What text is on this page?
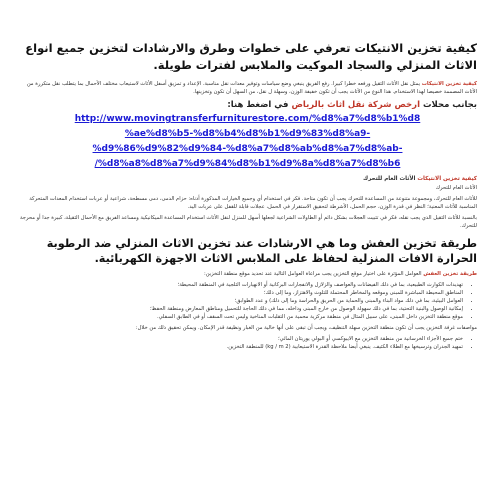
كيفية تخزين الانتيكات تعرفي على خطوات وطرق والارشادات لتخزين جميع انواع الاثاث المنزلي والسجاد الموكيت والملابس لفترات طويلة.
كيفية تخزين الانتيكات يمثل نقل الأثاث الثقيل ورفعه خطرا كبيرا. رفع الفريق ينبغي وضع سياسات وتوفير معدات نقل مناسبة. الإعداد و تمزيق أسفل الأثاث لاستيعاب مختلف الأحمال بما يتطلب نقل متكررة من الأثاث المصممة خصيصا لهذا الاستخدام. هذا النوع من الأثاث يجب أن تكون خفيفة الوزن، وسهلة ل نقل، من السهل أن تكون وتخزينها.
بجانب محلات ارخص شركة نقل اثاث بالرياض في اضغط هنا:
http://www.movingtransferfurniturestore.com/%d8%a7%d8%b1%d8
%ae%d8%b5-%d8%b4%d8%b1%d9%83%d8%a9-
%d9%86%d9%82%d9%84-%d8%a7%d8%ab%d8%a7%d8%ab-
/%d8%a8%d8%a7%d9%84%d8%b1%d9%8a%d8%a7%d8%b6
كيفية تخزين الانتيكات الأثاث العام للتحرك
الأثاث العام للتحرك
للأثاث العام للتحرك، ومجموعة متنوعة من المساعدة للتحرك يجب أن تكون متاحة. فكر في استخدام أي وجميع الخيارات المذكورة أدناه: حزام الدمى، دمى مسطحة، شراعية أو عربات استخدام المعدات المتحركة المناسبة للأثاث المعنية؛ النظر في قدرة الوزن، حجم الحمل، الأشرطة لتحقيق الاستقرار في الحمل، عجلات قابلة للقفل على عربات اليد.
بالنسبة للأثاث الثقيل الذي يجب نقله، فكر في تثبيت العجلات بشكل دائم أو الطاولات الشراعية لجعلها أسهل للمنزل لنقل الأثاث استخدام المساعدة الميكانيكية ومساعد الفريق مع الأحمال الثقيلة، كبيرة جدا أو محرجة للتحرك.
طريقة تخزين العفش وما هي الارشادات عند تخزين الاثاث المنزلي ضد الرطوبة الحرارة الافات المنزلية لحفاظ على الملابس الاثاث الاجهزة الكهربائية.
طريقة تخزين العفش العوامل المؤثرة على اختيار موقع التخزين يجب مراعاة العوامل التالية عند تحديد موقع منطقة التخزين:
• تهديدات الكوارث الطبيعية، بما في ذلك الفيضانات والعواصف والزلازل والانفجارات البركانية أو الانهيارات الثلجية في المنطقة المحيطة؛
• المناطق المحيطة المباشرة للمبنى وموقعه والمخاطر المحتملة للتلوث والاهتزاز، وما إلى ذلك؛
• العوامل البيئية، بما في ذلك مواد البناء والمبنى والحماية من الحريق والحراسة وما إلى ذلك) و عدد الطوابق؛
• إمكانية الوصول والبنية التحتية، بما في ذلك سهولة الوصول من خارج المبنى وداخله، مما في ذلك الحاجة للتحميل ومناطق المعارض ومنطقة الحفظ؛
• موقع منطقة التخزين داخل المبنى، على سبيل المثال في منطقة مركزية محمية من التقلبات المناخية وليس تحت السقف أو في الطابق السفلي.
مواصفات غرفة التخزين يجب أن تكون منطقة التخزين سهلة التنظيف، ويجب أن تبقى على أنها خالية من الغبار ونظيفة قدر الإمكان. ويمكن تحقيق ذلك من خلال:
• ختم جميع الأجزاء الخرسانية من منطقة التخزين مع الايبوكسي أو البولي يوريثان المائي؛
• تمهيد الجدران وترسيخها مع الطلاء الكثيف. ينبغي أيضا ملاحظة القدرة الاستيعابية (kg / m 2) للمنطقة التخزين.
